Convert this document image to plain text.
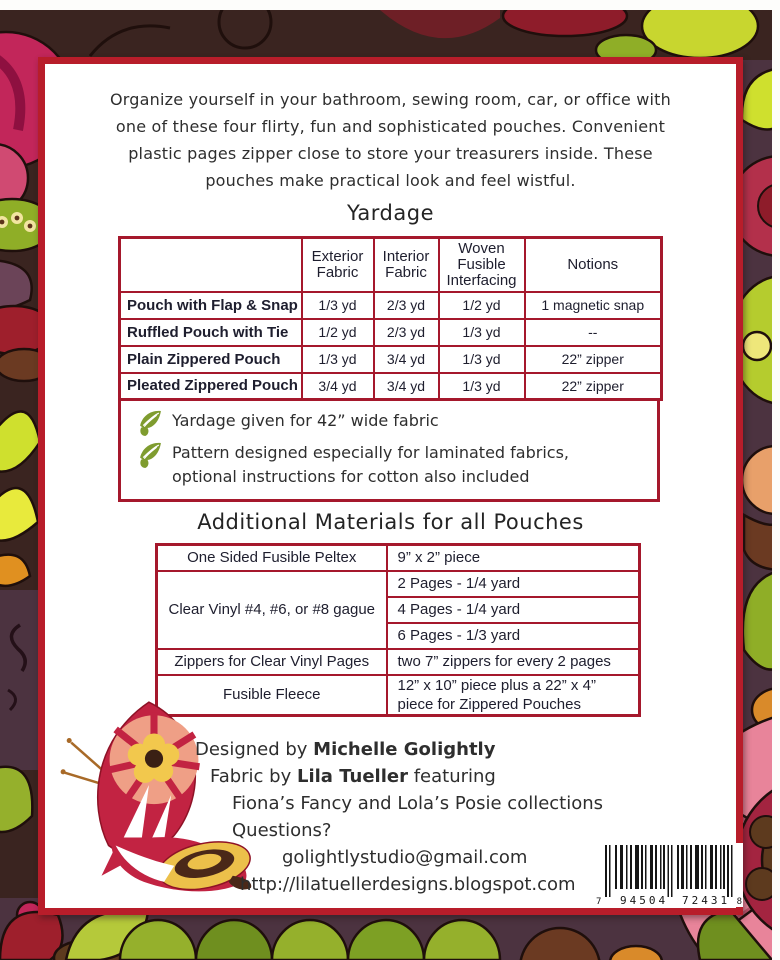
Organize yourself in your bathroom, sewing room, car, or office with
one of these four flirty, fun and sophisticated pouches. Convenient
plastic pages zipper close to store your treasurers inside. These
pouches make practical look and feel wistful.
Yardage
	Exterior Fabric	Interior Fabric	Woven Fusible Interfacing	Notions
Pouch with Flap & Snap	1/3 yd	2/3 yd	1/2 yd	1 magnetic snap
Ruffled Pouch with Tie	1/2 yd	2/3 yd	1/3 yd	--
Plain Zippered Pouch	1/3 yd	3/4 yd	1/3 yd	22” zipper
Pleated Zippered Pouch	3/4 yd	3/4 yd	1/3 yd	22” zipper
Yardage given for 42” wide fabric
Pattern designed especially for laminated fabrics, optional instructions for cotton also included
Additional Materials for all Pouches
One Sided Fusible Peltex	9” x 2” piece
Clear Vinyl #4, #6, or #8 gague	2 Pages - 1/4 yard
	4 Pages - 1/4 yard
	6 Pages - 1/3 yard
Zippers for Clear Vinyl Pages	two 7” zippers for every 2 pages
Fusible Fleece	12” x 10” piece plus a 22” x 4” piece for Zippered Pouches
Designed by Michelle Golightly
Fabric by Lila Tueller featuring
Fiona’s Fancy and Lola’s Posie collections
Questions?
golightlystudio@gmail.com
http://lilatuellerdesigns.blogspot.com
7 94504 72431 8
